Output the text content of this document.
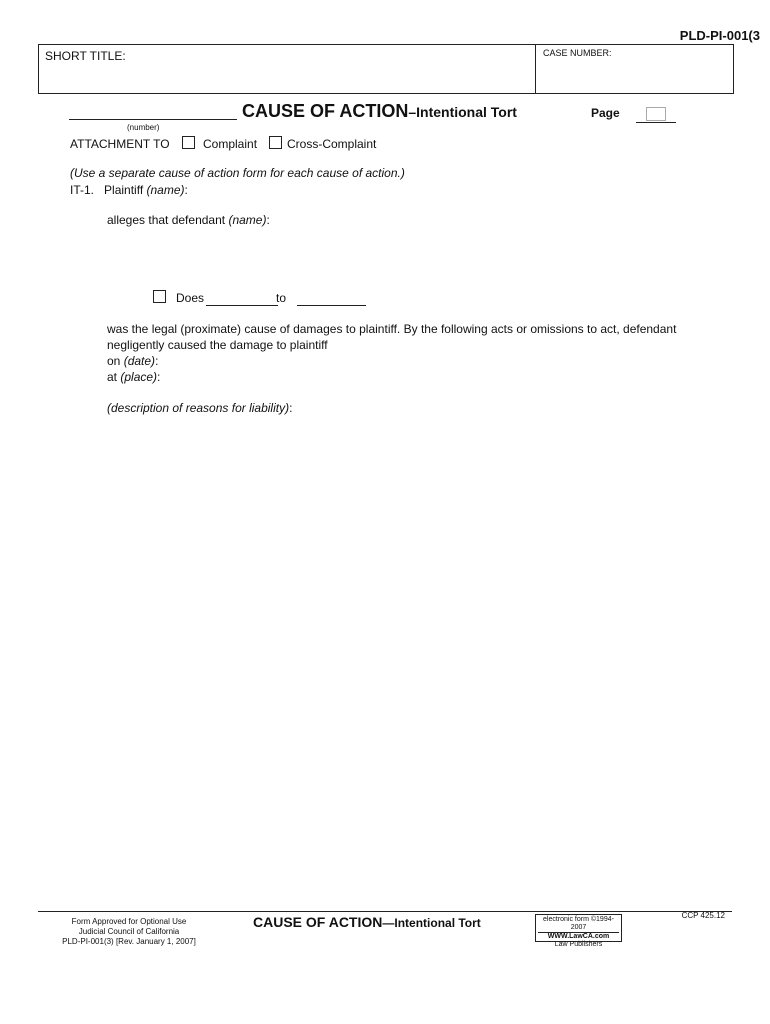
PLD-PI-001(3
SHORT TITLE:	CASE NUMBER:
(number)
CAUSE OF ACTION–Intentional Tort	Page
ATTACHMENT TO	Complaint Cross-Complaint
(Use a separate cause of action form for each cause of action.)
IT-1. Plaintiff (name):
alleges that defendant (name):
Does	to
was the legal (proximate) cause of damages to plaintiff. By the following acts or omissions to act, defendant
negligently caused the damage to plaintiff
on (date):
at (place):
(description of reasons for liability):
Form Approved for Optional Use
Judicial Council of California
PLD-PI-001(3) [Rev. January 1, 2007]
CAUSE OF ACTION—Intentional Tort	electronic form ©1994-2007
WWW.LawCA.com
Law Publishers
CCP 425.12
